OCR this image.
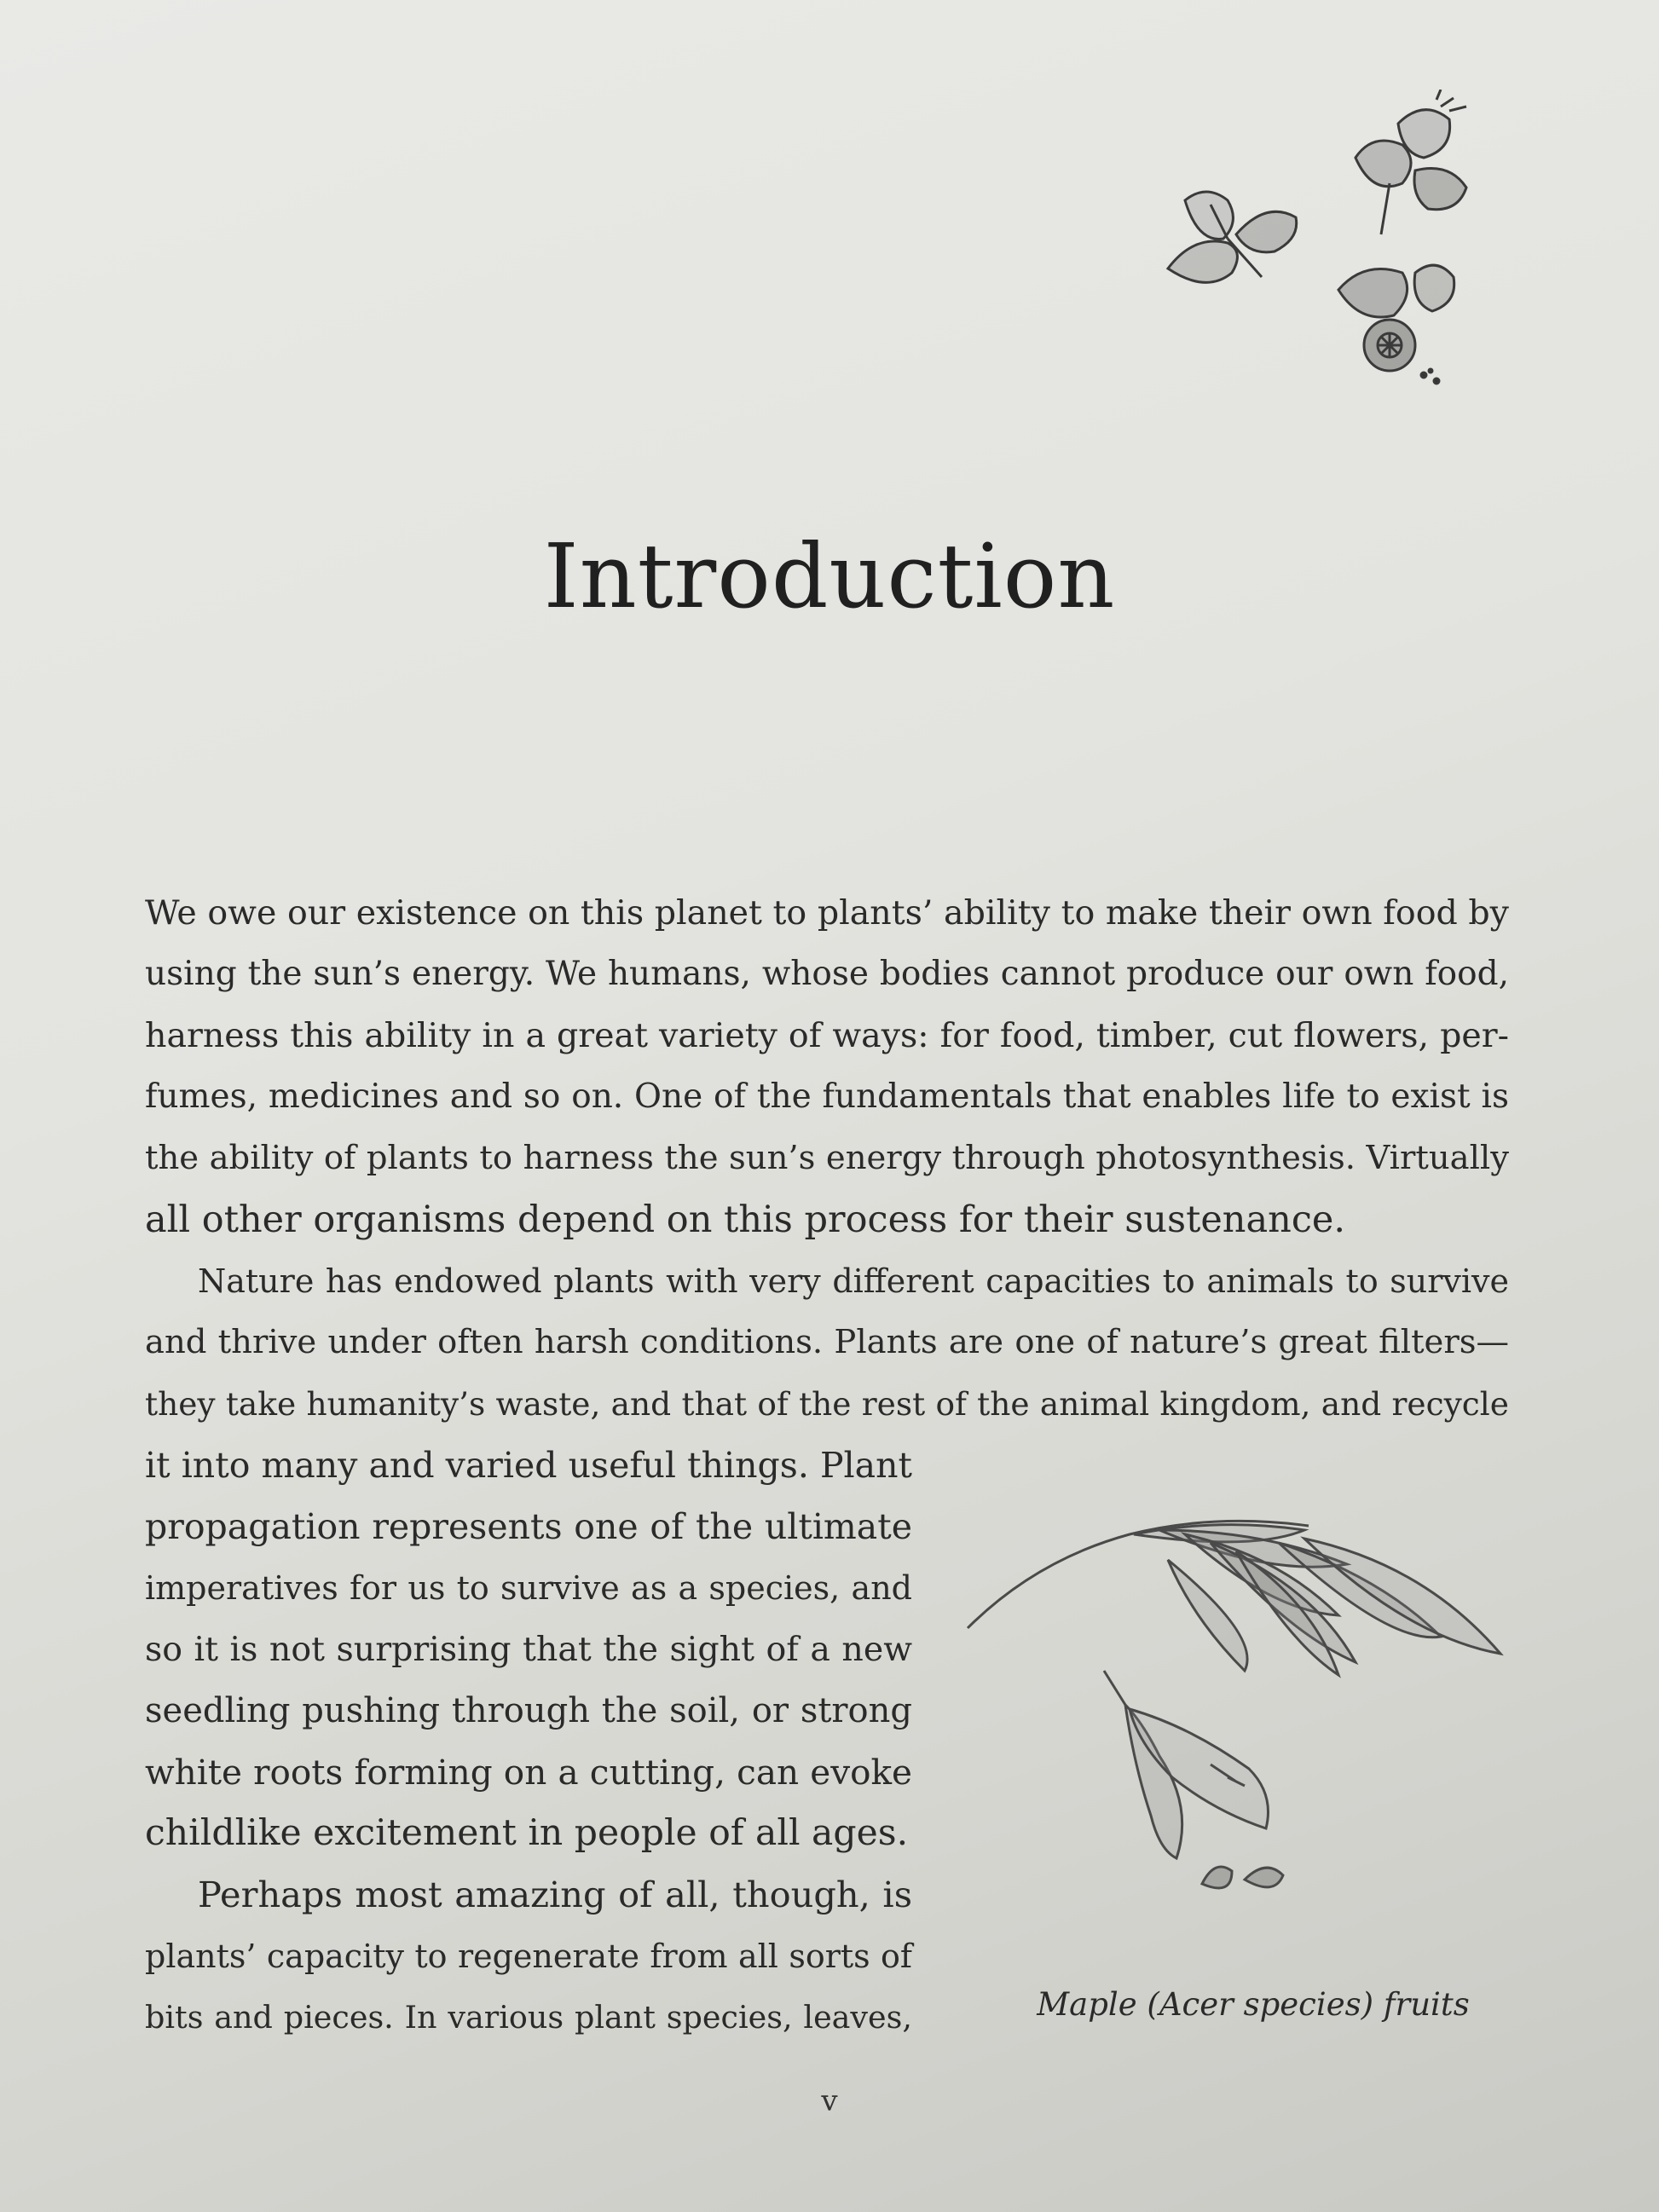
Introduction

We owe our existence on this planet to plants’ ability to make their own food by
using the sun’s energy. We humans, whose bodies cannot produce our own food,
harness this ability in a great variety of ways: for food, timber, cut flowers, per-
fumes, medicines and so on. One of the fundamentals that enables life to exist is
the ability of plants to harness the sun’s energy through photosynthesis. Virtually
all other organisms depend on this process for their sustenance.

Nature has endowed plants with very different capacities to animals to survive
and thrive under often harsh conditions. Plants are one of nature’s great filters—
they take humanity’s waste, and that of the rest of the animal kingdom, and recycle
it into many and varied useful things. Plant
propagation represents one of the ultimate
imperatives for us to survive as a species, and
so it is not surprising that the sight of a new
seedling pushing through the soil, or strong
white roots forming on a cutting, can evoke
childlike excitement in people of all ages.

Perhaps most amazing of all, though, is
plants’ capacity to regenerate from all sorts of
bits and pieces. In various plant species, leaves,	Maple (Acer species) fruits
v
